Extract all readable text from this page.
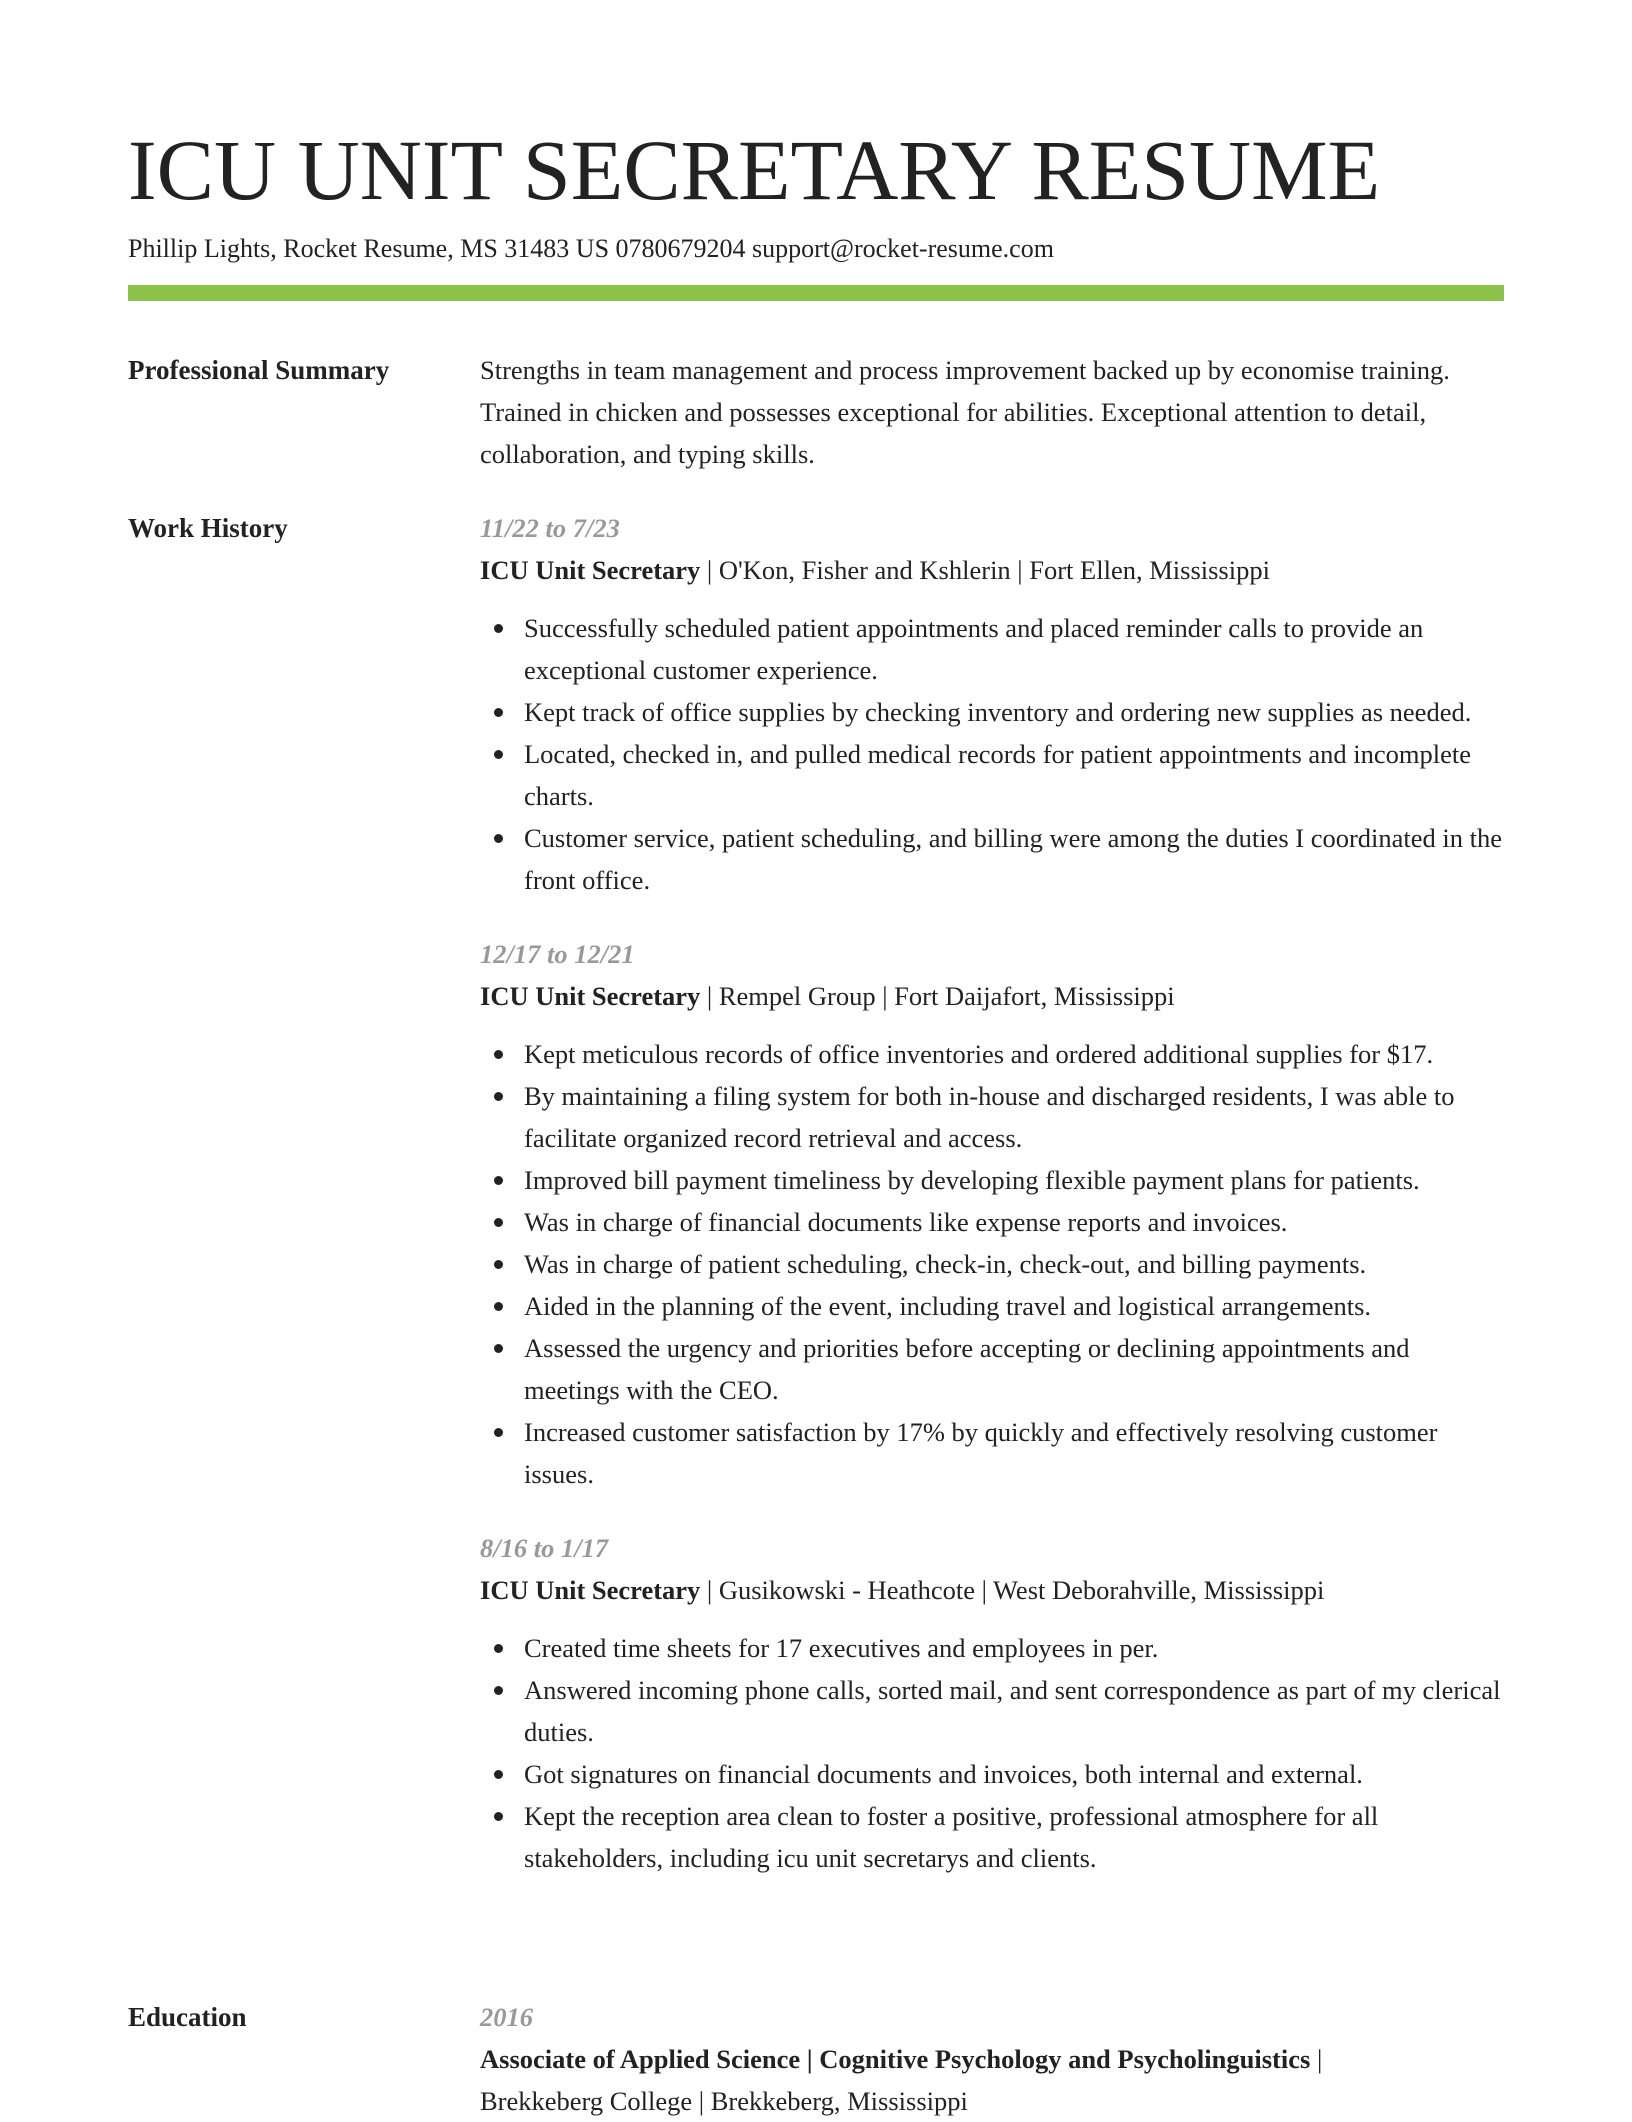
ICU UNIT SECRETARY RESUME
Phillip Lights, Rocket Resume, MS 31483 US 0780679204 support@rocket-resume.com
Professional Summary	Strengths in team management and process improvement backed up by economise training. Trained in chicken and possesses exceptional for abilities. Exceptional attention to detail, collaboration, and typing skills.

Work History	11/22 to 7/23
ICU Unit Secretary | O'Kon, Fisher and Kshlerin | Fort Ellen, Mississippi
Successfully scheduled patient appointments and placed reminder calls to provide an exceptional customer experience.
Kept track of office supplies by checking inventory and ordering new supplies as needed.
Located, checked in, and pulled medical records for patient appointments and incomplete charts.
Customer service, patient scheduling, and billing were among the duties I coordinated in the front office.
12/17 to 12/21
ICU Unit Secretary | Rempel Group | Fort Daijafort, Mississippi
Kept meticulous records of office inventories and ordered additional supplies for $17.
By maintaining a filing system for both in-house and discharged residents, I was able to facilitate organized record retrieval and access.
Improved bill payment timeliness by developing flexible payment plans for patients.
Was in charge of financial documents like expense reports and invoices.
Was in charge of patient scheduling, check-in, check-out, and billing payments.
Aided in the planning of the event, including travel and logistical arrangements.
Assessed the urgency and priorities before accepting or declining appointments and meetings with the CEO.
Increased customer satisfaction by 17% by quickly and effectively resolving customer issues.
8/16 to 1/17
ICU Unit Secretary | Gusikowski - Heathcote | West Deborahville, Mississippi
Created time sheets for 17 executives and employees in per.
Answered incoming phone calls, sorted mail, and sent correspondence as part of my clerical duties.
Got signatures on financial documents and invoices, both internal and external.
Kept the reception area clean to foster a positive, professional atmosphere for all stakeholders, including icu unit secretarys and clients.
Education	2016
Associate of Applied Science | Cognitive Psychology and Psycholinguistics |
Brekkeberg College | Brekkeberg, Mississippi
